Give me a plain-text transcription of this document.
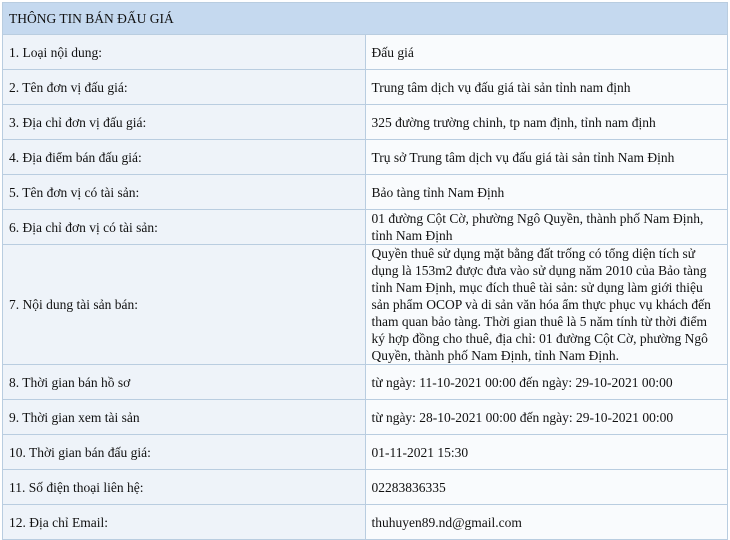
THÔNG TIN BÁN ĐẤU GIÁ	
1. Loại nội dung:	Đấu giá
2. Tên đơn vị đấu giá:	Trung tâm dịch vụ đấu giá tài sản tỉnh nam định
3. Địa chỉ đơn vị đấu giá:	325 đường trường chinh, tp nam định, tỉnh nam định
4. Địa điểm bán đấu giá:	Trụ sở Trung tâm dịch vụ đấu giá tài sản tỉnh Nam Định
5. Tên đơn vị có tài sản:	Bảo tàng tỉnh Nam Định
6. Địa chỉ đơn vị có tài sản:	01 đường Cột Cờ, phường Ngô Quyền, thành phố Nam Định, tỉnh Nam Định
7. Nội dung tài sản bán:	Quyền thuê sử dụng mặt bằng đất trống có tổng diện tích sử dụng là 153m2 được đưa vào sử dụng năm 2010 của Bảo tàng tỉnh Nam Định, mục đích thuê tài sản: sử dụng làm giới thiệu sản phẩm OCOP và di sản văn hóa ẩm thực phục vụ khách đến tham quan bảo tàng. Thời gian thuê là 5 năm tính từ thời điểm ký hợp đồng cho thuê, địa chỉ: 01 đường Cột Cờ, phường Ngô Quyền, thành phố Nam Định, tỉnh Nam Định.
8. Thời gian bán hồ sơ	từ ngày: 11-10-2021 00:00 đến ngày: 29-10-2021 00:00
9. Thời gian xem tài sản	từ ngày: 28-10-2021 00:00 đến ngày: 29-10-2021 00:00
10. Thời gian bán đấu giá:	01-11-2021 15:30
11. Số điện thoại liên hệ:	02283836335
12. Địa chỉ Email:	thuhuyen89.nd@gmail.com
